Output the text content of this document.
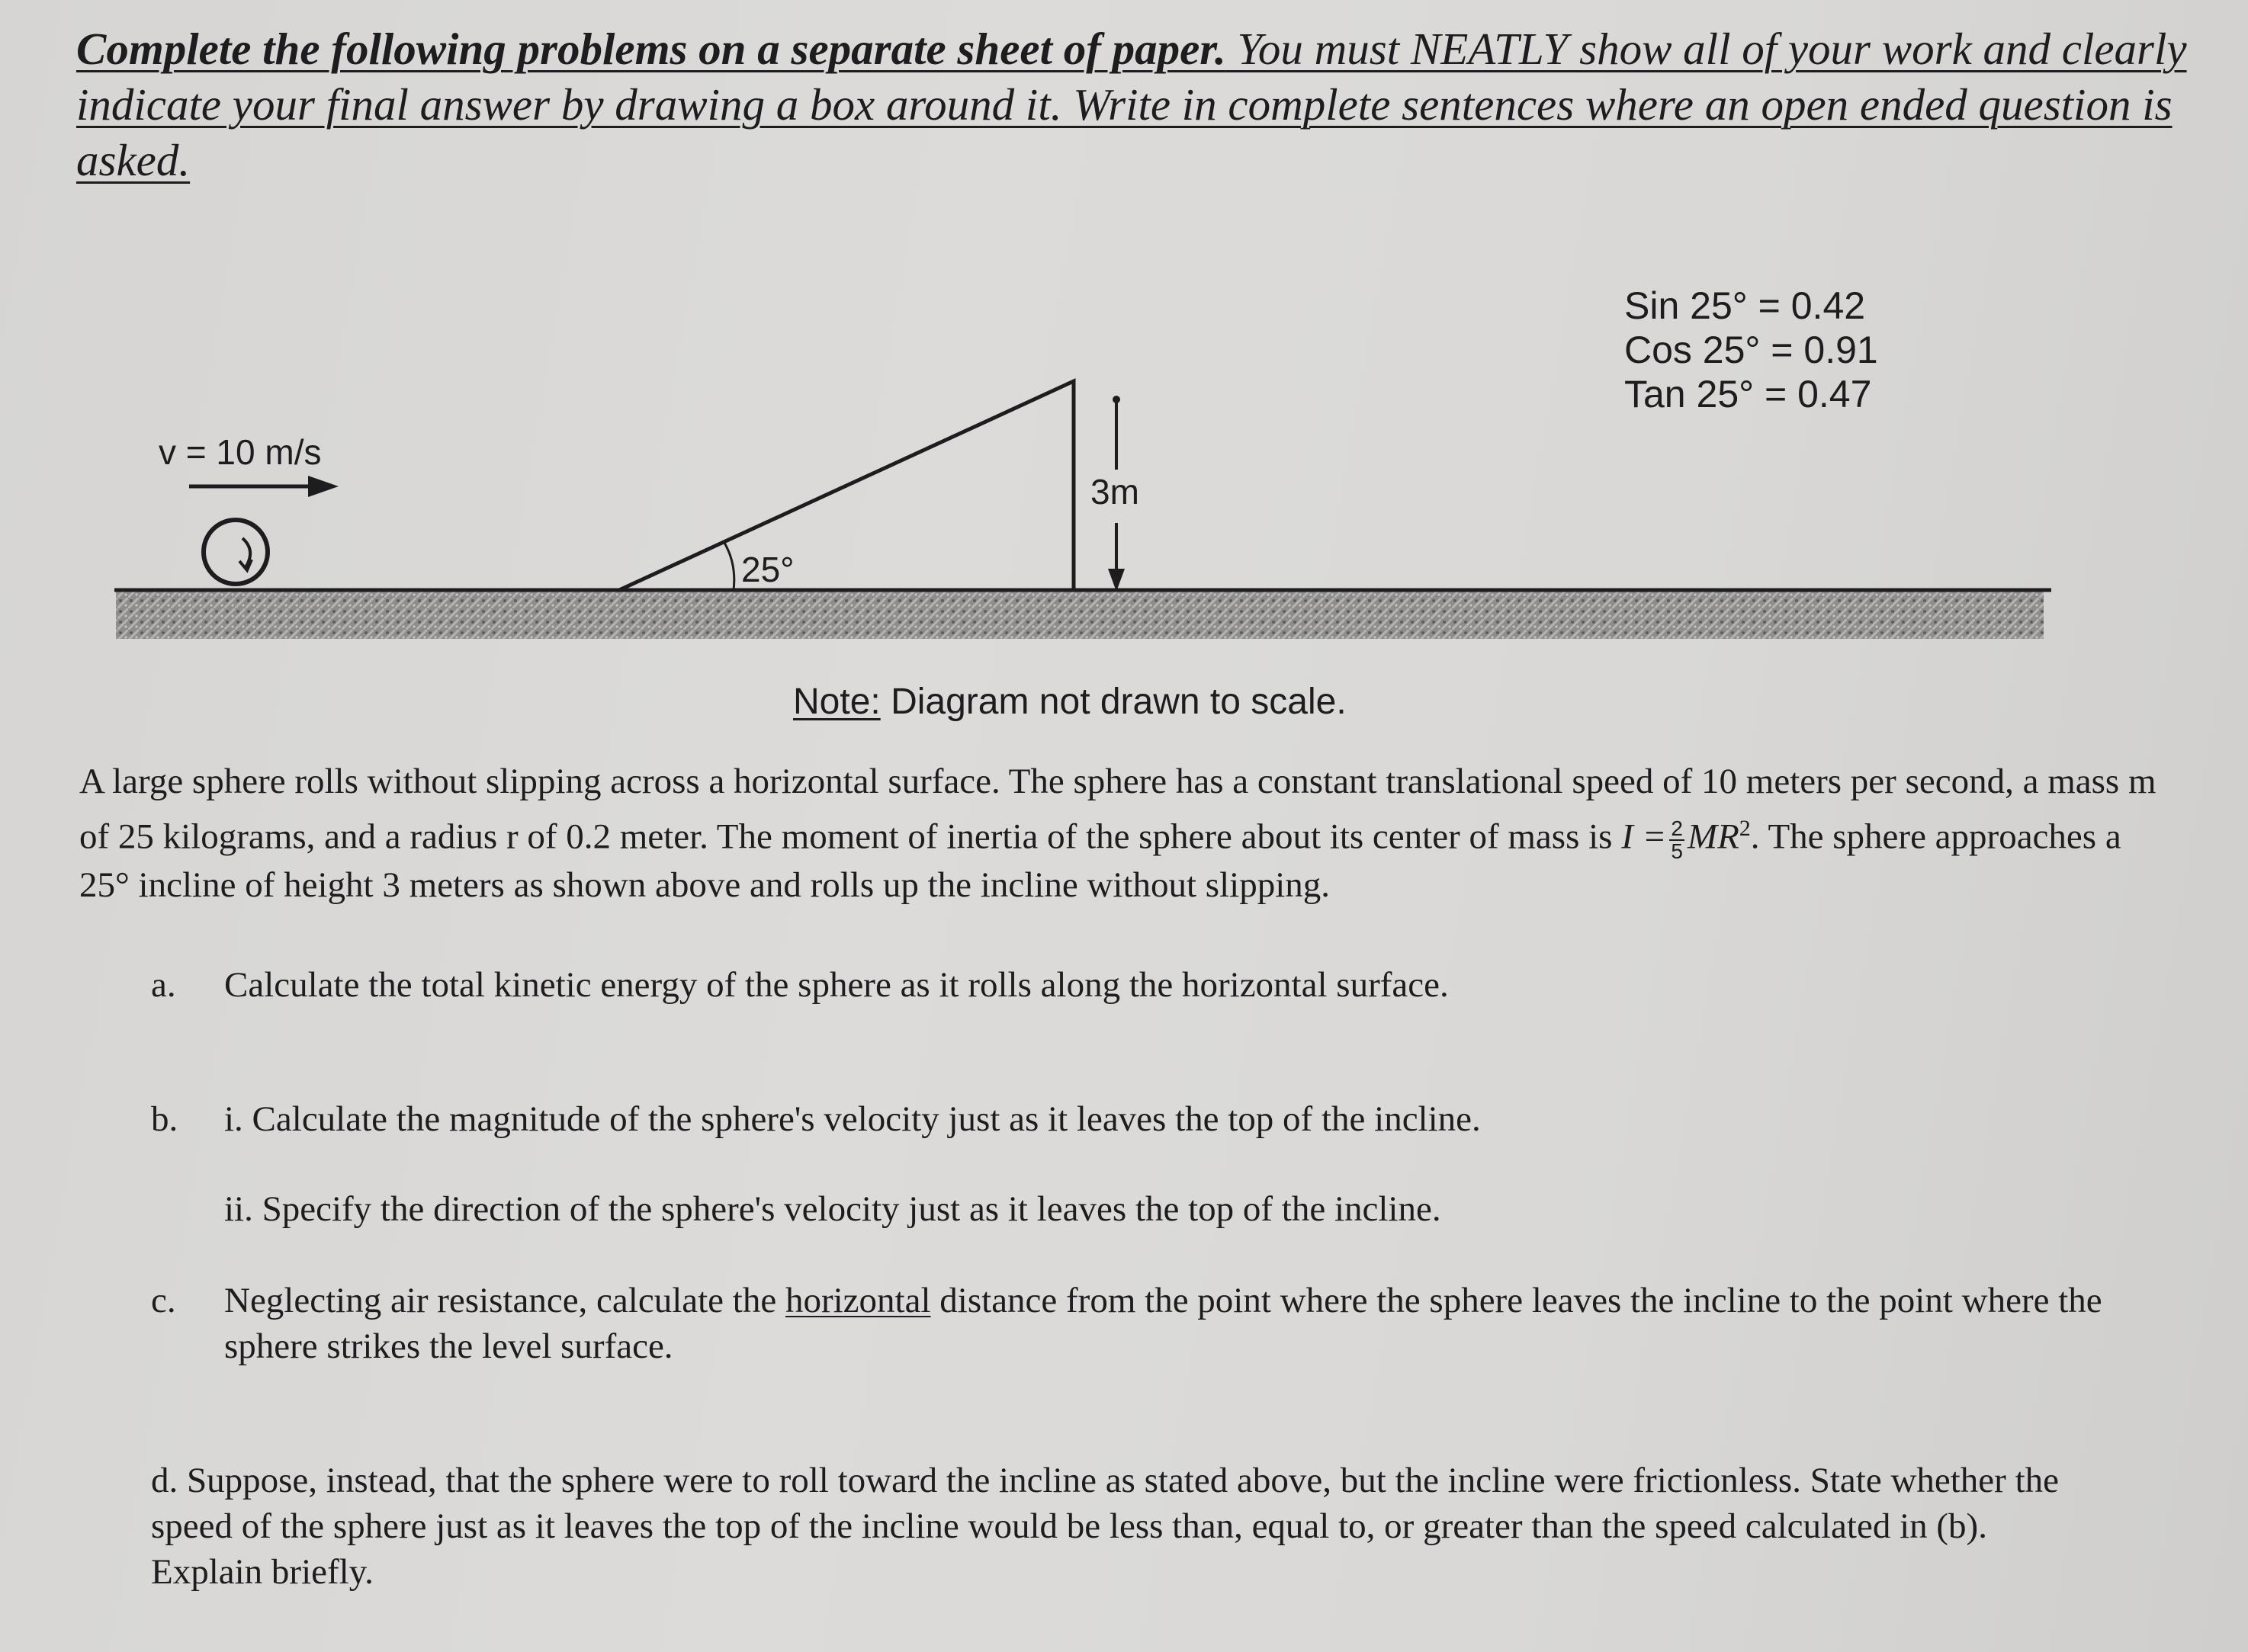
Complete the following problems on a separate sheet of paper. You must NEATLY show all of your work and clearly indicate your final answer by drawing a box around it. Write in complete sentences where an open ended question is asked.
Sin 25° = 0.42
Cos 25° = 0.91
Tan 25° = 0.47
v = 10 m/s
25°
3m
Note: Diagram not drawn to scale.
A large sphere rolls without slipping across a horizontal surface. The sphere has a constant translational speed of 10 meters per second, a mass m of 25 kilograms, and a radius r of 0.2 meter. The moment of inertia of the sphere about its center of mass is $I = \frac{2}{5} MR^2$. The sphere approaches a 25° incline of height 3 meters as shown above and rolls up the incline without slipping.
a. Calculate the total kinetic energy of the sphere as it rolls along the horizontal surface.
b. i. Calculate the magnitude of the sphere's velocity just as it leaves the top of the incline.
ii. Specify the direction of the sphere's velocity just as it leaves the top of the incline.
c. Neglecting air resistance, calculate the horizontal distance from the point where the sphere leaves the incline to the point where the sphere strikes the level surface.
d. Suppose, instead, that the sphere were to roll toward the incline as stated above, but the incline were frictionless. State whether the speed of the sphere just as it leaves the top of the incline would be less than, equal to, or greater than the speed calculated in (b). Explain briefly.
